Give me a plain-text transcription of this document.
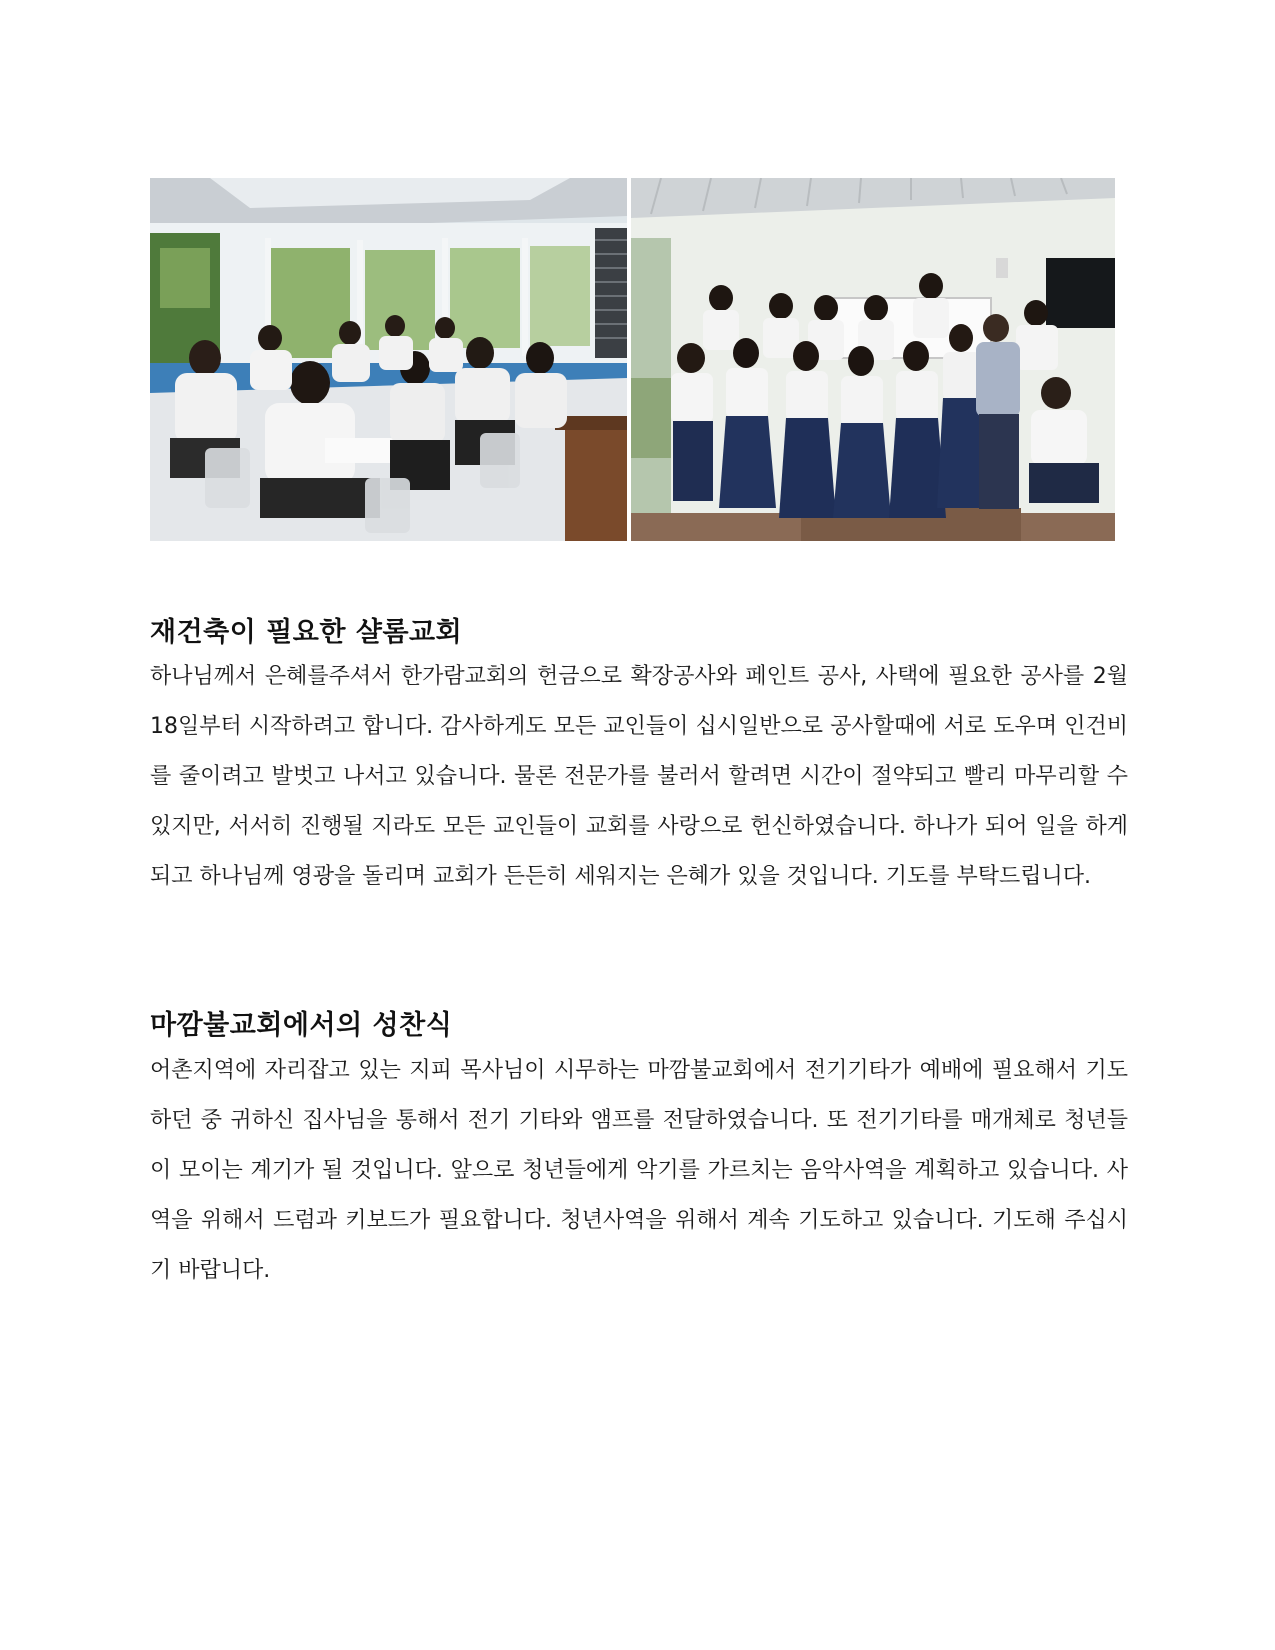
재건축이 필요한 샬롬교회

하나님께서 은혜를주셔서 한가람교회의 헌금으로 확장공사와 페인트 공사, 사택에 필요한 공사를 2월 18일부터 시작하려고 합니다. 감사하게도 모든 교인들이 십시일반으로 공사할때에 서로 도우며 인건비를 줄이려고 발벗고 나서고 있습니다. 물론 전문가를 불러서 할려면 시간이 절약되고 빨리 마무리할 수 있지만, 서서히 진행될 지라도 모든 교인들이 교회를 사랑으로 헌신하였습니다. 하나가 되어 일을 하게 되고 하나님께 영광을 돌리며 교회가 든든히 세워지는 은혜가 있을 것입니다. 기도를 부탁드립니다.

마깜불교회에서의 성찬식

어촌지역에 자리잡고 있는 지피 목사님이 시무하는 마깜불교회에서 전기기타가 예배에 필요해서 기도하던 중 귀하신 집사님을 통해서 전기 기타와 앰프를 전달하였습니다. 또 전기기타를 매개체로 청년들이 모이는 계기가 될 것입니다. 앞으로 청년들에게 악기를 가르치는 음악사역을 계획하고 있습니다. 사역을 위해서 드럼과 키보드가 필요합니다. 청년사역을 위해서 계속 기도하고 있습니다. 기도해 주십시기 바랍니다.
